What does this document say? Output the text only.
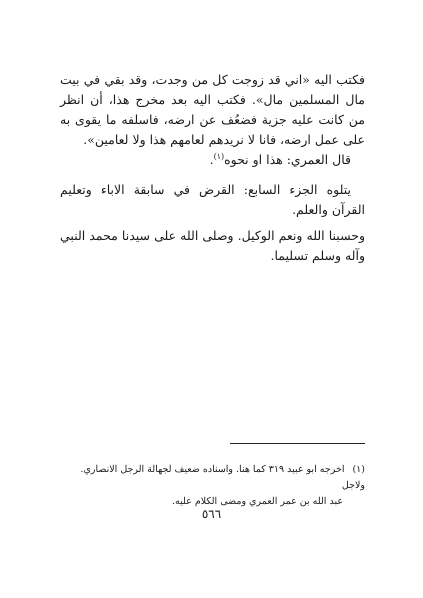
فكتب اليه «اني قد زوجت كل من وجدت، وقد بقي في بيت مال المسلمين مال». فكتب اليه بعد مخرج هذا، أن انظر من كانت عليه جزية فضعُف عن ارضه، فاسلفه ما يقوى به على عمل ارضه، فانا لا نريدهم لعامهم هذا ولا لعامين».

قال العمري: هذا او نحوه$^{(١)}$.

يتلوه الجزء السابع: القرض في سابقة الاباء وتعليم القرآن والعلم.

وحسبنا الله ونعم الوكيل. وصلى الله على سيدنا محمد النبي وآله وسلم تسليما.

(١)اخرجه ابو عبيد ٣١٩ كما هنا. واسناده ضعيف لجهالة الرجل الانصاري. ولاجل
عبد الله بن عمر العمري ومضى الكلام عليه.
٥٦٦
